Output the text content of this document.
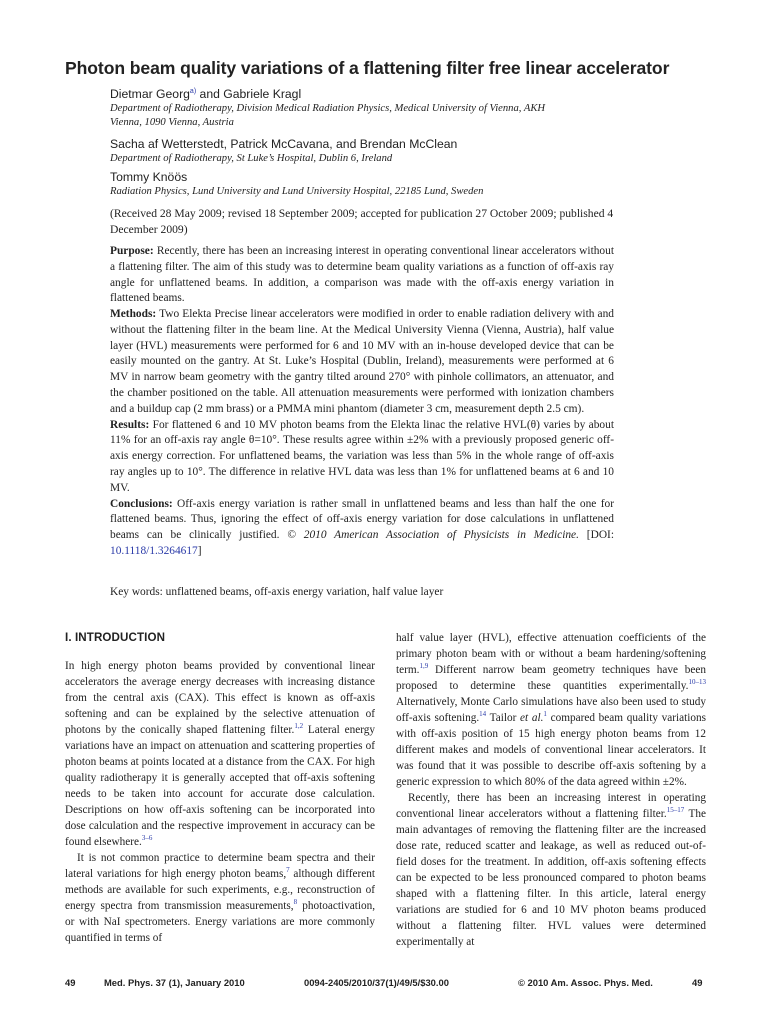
Photon beam quality variations of a flattening filter free linear accelerator
Dietmar Georg$^{a)}$ and Gabriele Kragl
Department of Radiotherapy, Division Medical Radiation Physics, Medical University of Vienna, AKH Vienna, 1090 Vienna, Austria
Sacha af Wetterstedt, Patrick McCavana, and Brendan McClean
Department of Radiotherapy, St Luke’s Hospital, Dublin 6, Ireland
Tommy Knöös
Radiation Physics, Lund University and Lund University Hospital, 22185 Lund, Sweden
(Received 28 May 2009; revised 18 September 2009; accepted for publication 27 October 2009; published 4 December 2009)

Purpose: Recently, there has been an increasing interest in operating conventional linear accelerators without a flattening filter. The aim of this study was to determine beam quality variations as a function of off-axis ray angle for unflattened beams. In addition, a comparison was made with the off-axis energy variation in flattened beams.

Methods: Two Elekta Precise linear accelerators were modified in order to enable radiation delivery with and without the flattening filter in the beam line. At the Medical University Vienna (Vienna, Austria), half value layer (HVL) measurements were performed for 6 and 10 MV with an in-house developed device that can be easily mounted on the gantry. At St. Luke’s Hospital (Dublin, Ireland), measurements were performed at 6 MV in narrow beam geometry with the gantry tilted around 270° with pinhole collimators, an attenuator, and the chamber positioned on the table. All attenuation measurements were performed with ionization chambers and a buildup cap (2 mm brass) or a PMMA mini phantom (diameter 3 cm, measurement depth 2.5 cm).

Results: For flattened 6 and 10 MV photon beams from the Elekta linac the relative HVL(θ) varies by about 11% for an off-axis ray angle θ=10°. These results agree within ±2% with a previously proposed generic off-axis energy correction. For unflattened beams, the variation was less than 5% in the whole range of off-axis ray angles up to 10°. The difference in relative HVL data was less than 1% for unflattened beams at 6 and 10 MV.

Conclusions: Off-axis energy variation is rather small in unflattened beams and less than half the one for flattened beams. Thus, ignoring the effect of off-axis energy variation for dose calculations in unflattened beams can be clinically justified. © 2010 American Association of Physicists in Medicine. [DOI: 10.1118/1.3264617]

Key words: unflattened beams, off-axis energy variation, half value layer
I. INTRODUCTION

In high energy photon beams provided by conventional linear accelerators the average energy decreases with increasing distance from the central axis (CAX). This effect is known as off-axis softening and can be explained by the selective attenuation of photons by the conically shaped flattening filter.$^{1,2}$ Lateral energy variations have an impact on attenuation and scattering properties of photon beams at points located at a distance from the CAX. For high quality radiotherapy it is generally accepted that off-axis softening needs to be taken into account for accurate dose calculation. Descriptions on how off-axis softening can be incorporated into dose calculation and the respective improvement in accuracy can be found elsewhere.$^{3-6}$

It is not common practice to determine beam spectra and their lateral variations for high energy photon beams,$^7$ although different methods are available for such experiments, e.g., reconstruction of energy spectra from transmission measurements,$^8$ photoactivation, or with NaI spectrometers. Energy variations are more commonly quantified in terms of

half value layer (HVL), effective attenuation coefficients of the primary photon beam with or without a beam hardening/softening term.$^{1,9}$ Different narrow beam geometry techniques have been proposed to determine these quantities experimentally.$^{10-13}$ Alternatively, Monte Carlo simulations have also been used to study off-axis softening.$^{14}$ Tailor et al.$^1$ compared beam quality variations with off-axis position of 15 high energy photon beams from 12 different makes and models of conventional linear accelerators. It was found that it was possible to describe off-axis softening by a generic expression to which 80% of the data agreed within ±2%.

Recently, there has been an increasing interest in operating conventional linear accelerators without a flattening filter.$^{15-17}$ The main advantages of removing the flattening filter are the increased dose rate, reduced scatter and leakage, as well as reduced out-of-field doses for the treatment. In addition, off-axis softening effects can be expected to be less pronounced compared to photon beams shaped with a flattening filter. In this article, lateral energy variations are studied for 6 and 10 MV photon beams produced without a flattening filter. HVL values were determined experimentally at

49	Med. Phys. 37 (1), January 2010	0094-2405/2010/37(1)/49/5/$30.00	© 2010 Am. Assoc. Phys. Med.	49
